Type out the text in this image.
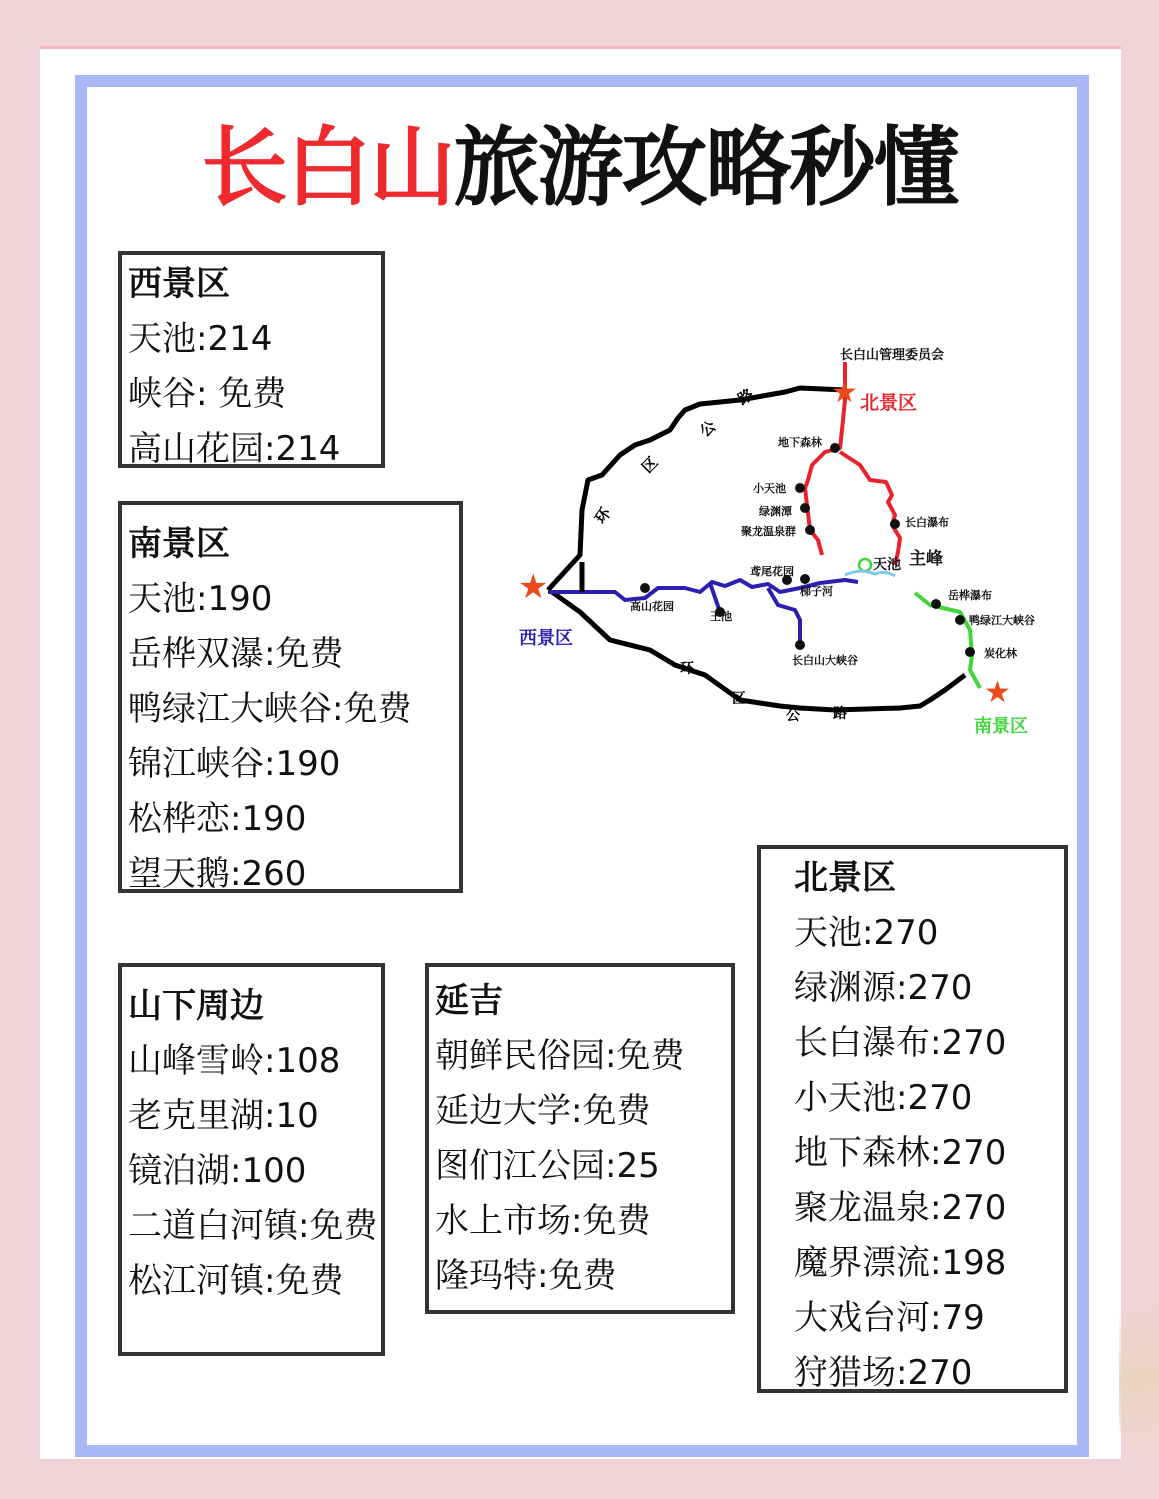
长白山旅游攻略秒懂
西景区
天池:214
峡谷: 免费
高山花园:214
南景区
天池:190
岳桦双瀑:免费
鸭绿江大峡谷:免费
锦江峡谷:190
松桦恋:190
望天鹅:260
山下周边
山峰雪岭:108
老克里湖:10
镜泊湖:100
二道白河镇:免费
松江河镇:免费
延吉
朝鲜民俗园:免费
延边大学:免费
图们江公园:25
水上市场:免费
隆玛特:免费
北景区
天池:270
绿渊源:270
长白瀑布:270
小天池:270
地下森林:270
聚龙温泉:270
魔界漂流:198
大戏台河:79
狩猎场:270
★
★
★
长白山管理委员会
北景区
地下森林
小天池
绿渊潭
聚龙温泉群
长白瀑布
主峰
天池
西景区
高山花园
王池
鸢尾花园
梯子河
长白山大峡谷
南景区
岳桦瀑布
鸭绿江大峡谷
炭化林
环
区
公
路
环
区
公 路
